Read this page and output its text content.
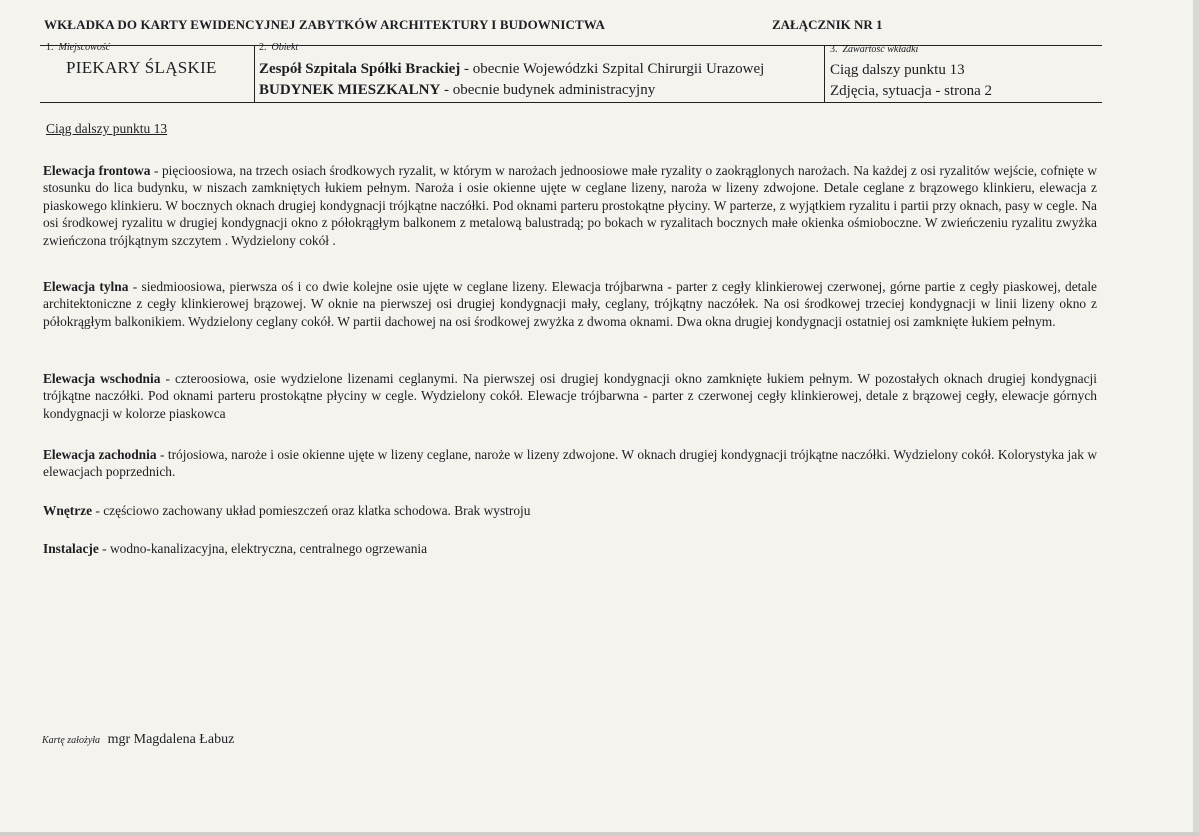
WKŁADKA DO KARTY EWIDENCYJNEJ ZABYTKÓW ARCHITEKTURY I BUDOWNICTWA	ZAŁĄCZNIK NR 1
1. Miejscowość
PIEKARY ŚLĄSKIE
2. Obiekt
Zespół Szpitala Spółki Brackiej - obecnie Wojewódzki Szpital Chirurgii Urazowej
BUDYNEK MIESZKALNY - obecnie budynek administracyjny
3. Zawartość wkładki
Ciąg dalszy punktu 13
Zdjęcia, sytuacja - strona 2
Ciąg dalszy punktu 13

Elewacja frontowa - pięcioosiowa, na trzech osiach środkowych ryzalit, w którym w narożach jednoosiowe małe ryzality o zaokrąglonych narożach. Na każdej z osi ryzalitów wejście, cofnięte w stosunku do lica budynku, w niszach zamkniętych łukiem pełnym. Naroża i osie okienne ujęte w ceglane lizeny, naroża w lizeny zdwojone. Detale ceglane z brązowego klinkieru, elewacja z piaskowego klinkieru. W bocznych oknach drugiej kondygnacji trójkątne naczółki. Pod oknami parteru prostokątne płyciny. W parterze, z wyjątkiem ryzalitu i partii przy oknach, pasy w cegle. Na osi środkowej ryzalitu w drugiej kondygnacji okno z półokrągłym balkonem z metalową balustradą; po bokach w ryzalitach bocznych małe okienka ośmioboczne. W zwieńczeniu ryzalitu zwyżka zwieńczona trójkątnym szczytem . Wydzielony cokół .

Elewacja tylna - siedmioosiowa, pierwsza oś i co dwie kolejne osie ujęte w ceglane lizeny. Elewacja trójbarwna - parter z cegły klinkierowej czerwonej, górne partie z cegły piaskowej, detale architektoniczne z cegły klinkierowej brązowej. W oknie na pierwszej osi drugiej kondygnacji mały, ceglany, trójkątny naczółek. Na osi środkowej trzeciej kondygnacji w linii lizeny okno z półokrągłym balkonikiem. Wydzielony ceglany cokół. W partii dachowej na osi środkowej zwyżka z dwoma oknami. Dwa okna drugiej kondygnacji ostatniej osi zamknięte łukiem pełnym.

Elewacja wschodnia - czteroosiowa, osie wydzielone lizenami ceglanymi. Na pierwszej osi drugiej kondygnacji okno zamknięte łukiem pełnym. W pozostałych oknach drugiej kondygnacji trójkątne naczółki. Pod oknami parteru prostokątne płyciny w cegle. Wydzielony cokół. Elewacje trójbarwna - parter z czerwonej cegły klinkierowej, detale z brązowej cegły, elewacje górnych kondygnacji w kolorze piaskowca

Elewacja zachodnia - trójosiowa, naroże i osie okienne ujęte w lizeny ceglane, naroże w lizeny zdwojone. W oknach drugiej kondygnacji trójkątne naczółki. Wydzielony cokół. Kolorystyka jak w elewacjach poprzednich.

Wnętrze - częściowo zachowany układ pomieszczeń oraz klatka schodowa. Brak wystroju

Instalacje - wodno-kanalizacyjna, elektryczna, centralnego ogrzewania

Kartę założyła mgr Magdalena Łabuz
